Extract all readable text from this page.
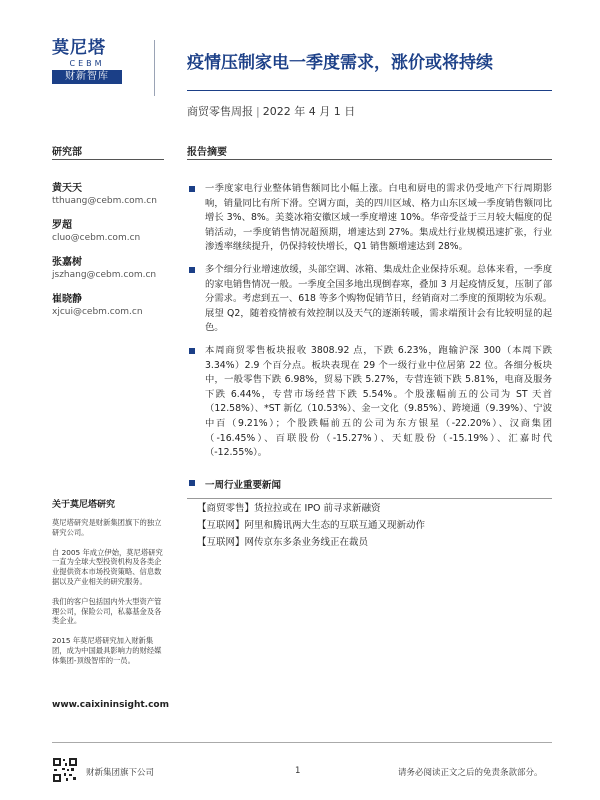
莫尼塔
CEBM
财新智库
疫情压制家电一季度需求，涨价或将持续
商贸零售周报 | 2022 年 4 月 1 日
研究部	报告摘要
黄天天
tthuang@cebm.com.cn
罗超
cluo@cebm.com.cn
张嘉树
jszhang@cebm.com.cn
崔晓静
xjcui@cebm.com.cn
一季度家电行业整体销售额同比小幅上涨。白电和厨电的需求仍受地产下行周期影响，销量同比有所下滑。空调方面，美的四川区域、格力山东区域一季度销售额同比增长 3%、8%。美菱冰箱安徽区域一季度增速 10%。华帝受益于三月较大幅度的促销活动，一季度销售情况超预期，增速达到 27%。集成灶行业规模迅速扩张，行业渗透率继续提升，仍保持较快增长，Q1 销售额增速达到 28%。
多个细分行业增速放缓，头部空调、冰箱、集成灶企业保持乐观。总体来看，一季度的家电销售情况一般。一季度全国多地出现倒春寒，叠加 3 月起疫情反复，压制了部分需求。考虑到五一、618 等多个购物促销节日，经销商对二季度的预期较为乐观。展望 Q2，随着疫情被有效控制以及天气的逐渐转暖，需求端预计会有比较明显的起色。
本周商贸零售板块报收 3808.92 点，下跌 6.23%，跑输沪深 300（本周下跌 3.34%）2.9 个百分点。板块表现在 29 个一级行业中位居第 22 位。各细分板块中，一般零售下跌 6.98%，贸易下跌 5.27%，专营连锁下跌 5.81%，电商及服务下跌 6.44%，专营市场经营下跌 5.54%。个股涨幅前五的公司为 ST 天首（12.58%）、*ST 新亿（10.53%）、金一文化（9.85%）、跨境通（9.39%）、宁波中百（9.21%）；个股跌幅前五的公司为东方银星（-22.20%）、汉商集团（-16.45%）、百联股份（-15.27%）、天虹股份（-15.19%）、汇嘉时代（-12.55%）。
一周行业重要新闻
【商贸零售】货拉拉或在 IPO 前寻求新融资
【互联网】阿里和腾讯两大生态的互联互通又现新动作
【互联网】网传京东多条业务线正在裁员
关于莫尼塔研究

莫尼塔研究是财新集团旗下的独立研究公司。

自 2005 年成立伊始，莫尼塔研究一直为全球大型投资机构及各类企业提供资本市场投资策略、信息数据以及产业相关的研究服务。

我们的客户包括国内外大型资产管理公司，保险公司，私募基金及各类企业。

2015 年莫尼塔研究加入财新集团，成为中国最具影响力的财经媒体集团-顶级智库的一员。

www.caixininsight.com
财新集团旗下公司	1	请务必阅读正文之后的免责条款部分。
